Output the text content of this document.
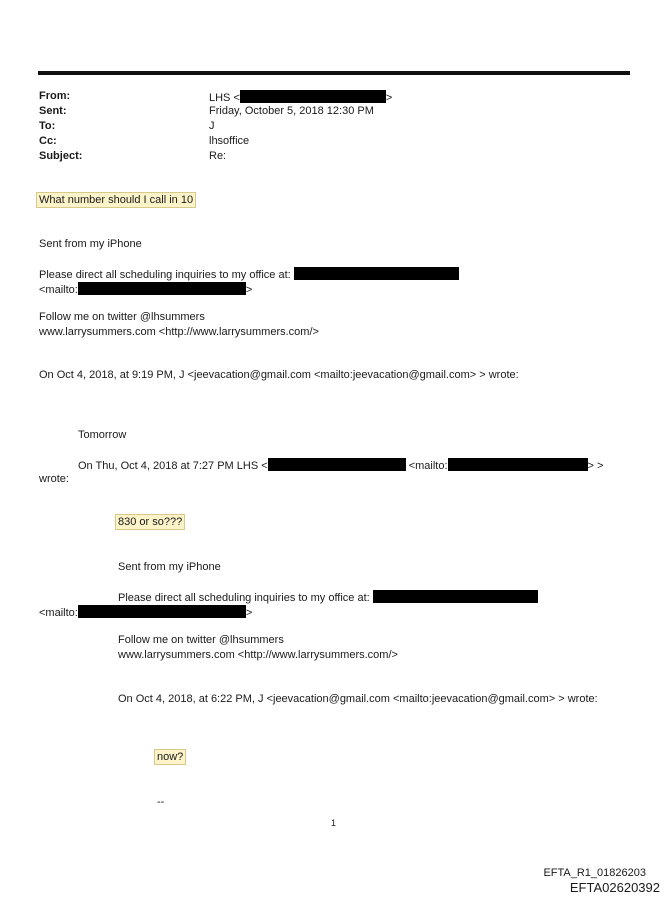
From:	LHS <	>
Sent:	Friday, October 5, 2018 12:30 PM
To:	J
Cc:	lhsoffice
Subject:	Re:
What number should I call in 10
Sent from my iPhone
Please direct all scheduling inquiries to my office at:
<mailto:	>
Follow me on twitter @lhsummers
www.larrysummers.com <http://www.larrysummers.com/>
On Oct 4, 2018, at 9:19 PM, J <jeevacation@gmail.com <mailto:jeevacation@gmail.com> > wrote:
Tomorrow
On Thu, Oct 4, 2018 at 7:27 PM LHS <	<mailto:	> >
wrote:
830 or so???
Sent from my iPhone
Please direct all scheduling inquiries to my office at:
<mailto:	>
Follow me on twitter @lhsummers
www.larrysummers.com <http://www.larrysummers.com/>
On Oct 4, 2018, at 6:22 PM, J <jeevacation@gmail.com <mailto:jeevacation@gmail.com> > wrote:
now?
--
1
EFTA_R1_01826203
EFTA02620392
